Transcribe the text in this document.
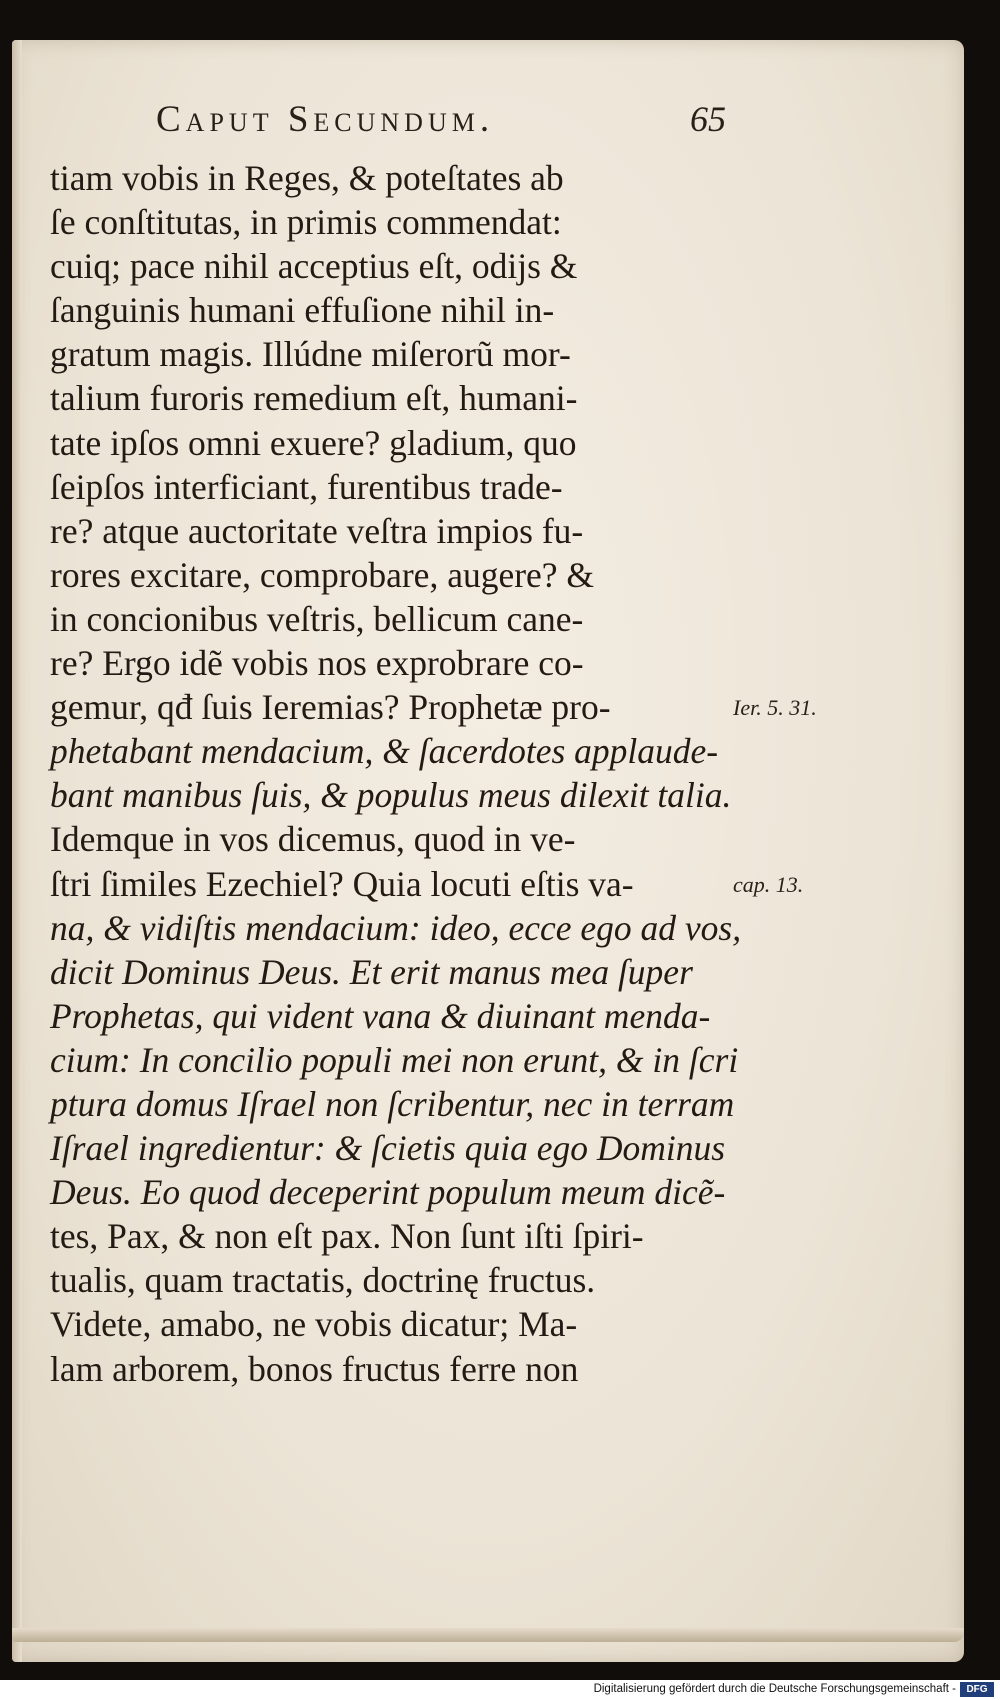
Caput Secundum.	65
tiam vobis in Reges, & poteſtates ab
ſe conſtitutas, in primis commendat:
cuiq; pace nihil acceptius eſt, odijs &
ſanguinis humani effuſione nihil in-
gratum magis. Illúdne miſerorũ mor-
talium furoris remedium eſt, humani-
tate ipſos omni exuere? gladium, quo
ſeipſos interficiant, furentibus trade-
re? atque auctoritate veſtra impios fu-
rores excitare, comprobare, augere? &
in concionibus veſtris, bellicum cane-
re? Ergo idẽ vobis nos exprobrare co-
gemur, qđ ſuis Ieremias? Prophetæ pro-
phetabant mendacium, & ſacerdotes applaude-
bant manibus ſuis, & populus meus dilexit talia.
Idemque in vos dicemus, quod in ve-
ſtri ſimiles Ezechiel? Quia locuti eſtis va-
na, & vidiſtis mendacium: ideo, ecce ego ad vos,
dicit Dominus Deus. Et erit manus mea ſuper
Prophetas, qui vident vana & diuinant menda-
cium: In concilio populi mei non erunt, & in ſcri
ptura domus Iſrael non ſcribentur, nec in terram
Iſrael ingredientur: & ſcietis quia ego Dominus
Deus. Eo quod deceperint populum meum dicẽ-
tes, Pax, & non eſt pax. Non ſunt iſti ſpiri-
tualis, quam tractatis, doctrinę fructus.
Videte, amabo, ne vobis dicatur; Ma-
lam arborem, bonos fructus ferre non
Ier. 5. 31.
cap. 13.
Digitalisierung gefördert durch die Deutsche Forschungsgemeinschaft -	DFG
